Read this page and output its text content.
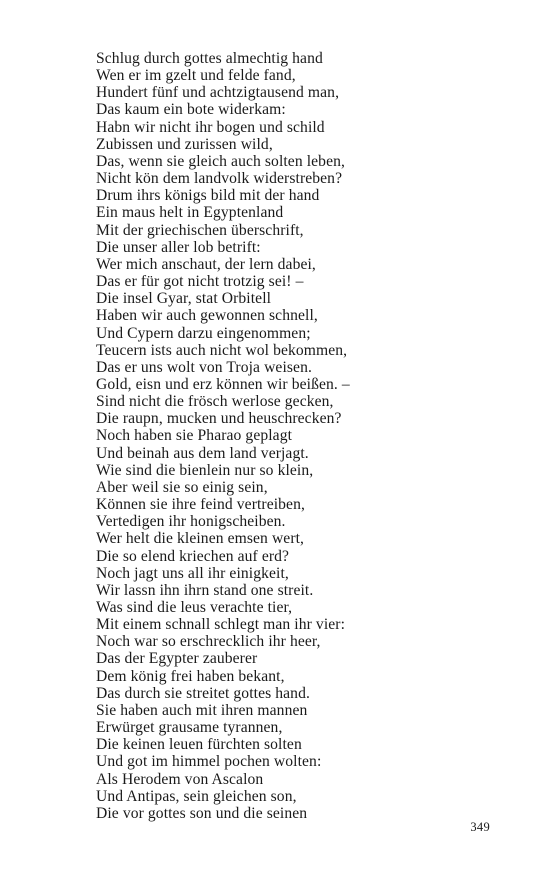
Schlug durch gottes almechtig hand
Wen er im gzelt und felde fand,
Hundert fünf und achtzigtausend man,
Das kaum ein bote widerkam:
Habn wir nicht ihr bogen und schild
Zubissen und zurissen wild,
Das, wenn sie gleich auch solten leben,
Nicht kön dem landvolk widerstreben?
Drum ihrs königs bild mit der hand
Ein maus helt in Egyptenland
Mit der griechischen überschrift,
Die unser aller lob betrift:
Wer mich anschaut, der lern dabei,
Das er für got nicht trotzig sei! –
Die insel Gyar, stat Orbitell
Haben wir auch gewonnen schnell,
Und Cypern darzu eingenommen;
Teucern ists auch nicht wol bekommen,
Das er uns wolt von Troja weisen.
Gold, eisn und erz können wir beißen. –
Sind nicht die frösch werlose gecken,
Die raupn, mucken und heuschrecken?
Noch haben sie Pharao geplagt
Und beinah aus dem land verjagt.
Wie sind die bienlein nur so klein,
Aber weil sie so einig sein,
Können sie ihre feind vertreiben,
Vertedigen ihr honigscheiben.
Wer helt die kleinen emsen wert,
Die so elend kriechen auf erd?
Noch jagt uns all ihr einigkeit,
Wir lassn ihn ihrn stand one streit.
Was sind die leus verachte tier,
Mit einem schnall schlegt man ihr vier:
Noch war so erschrecklich ihr heer,
Das der Egypter zauberer
Dem könig frei haben bekant,
Das durch sie streitet gottes hand.
Sie haben auch mit ihren mannen
Erwürget grausame tyrannen,
Die keinen leuen fürchten solten
Und got im himmel pochen wolten:
Als Herodem von Ascalon
Und Antipas, sein gleichen son,
Die vor gottes son und die seinen
349
